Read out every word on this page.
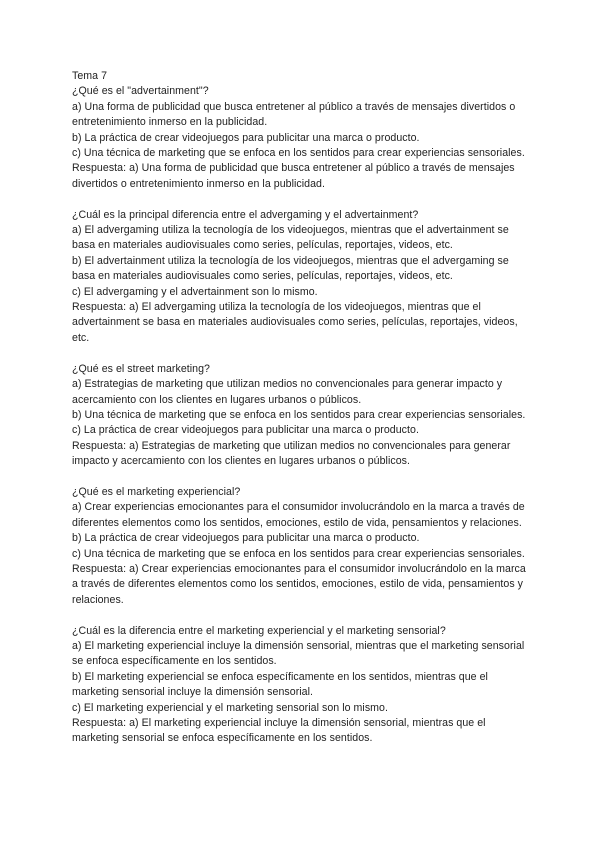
Tema 7

¿Qué es el "advertainment"?

a) Una forma de publicidad que busca entretener al público a través de mensajes divertidos o entretenimiento inmerso en la publicidad.

b) La práctica de crear videojuegos para publicitar una marca o producto.

c) Una técnica de marketing que se enfoca en los sentidos para crear experiencias sensoriales.

Respuesta: a) Una forma de publicidad que busca entretener al público a través de mensajes divertidos o entretenimiento inmerso en la publicidad.

¿Cuál es la principal diferencia entre el advergaming y el advertainment?

a) El advergaming utiliza la tecnología de los videojuegos, mientras que el advertainment se basa en materiales audiovisuales como series, películas, reportajes, videos, etc.

b) El advertainment utiliza la tecnología de los videojuegos, mientras que el advergaming se basa en materiales audiovisuales como series, películas, reportajes, videos, etc.

c) El advergaming y el advertainment son lo mismo.

Respuesta: a) El advergaming utiliza la tecnología de los videojuegos, mientras que el advertainment se basa en materiales audiovisuales como series, películas, reportajes, videos, etc.

¿Qué es el street marketing?

a) Estrategias de marketing que utilizan medios no convencionales para generar impacto y acercamiento con los clientes en lugares urbanos o públicos.

b) Una técnica de marketing que se enfoca en los sentidos para crear experiencias sensoriales.

c) La práctica de crear videojuegos para publicitar una marca o producto.

Respuesta: a) Estrategias de marketing que utilizan medios no convencionales para generar impacto y acercamiento con los clientes en lugares urbanos o públicos.

¿Qué es el marketing experiencial?

a) Crear experiencias emocionantes para el consumidor involucrándolo en la marca a través de diferentes elementos como los sentidos, emociones, estilo de vida, pensamientos y relaciones.

b) La práctica de crear videojuegos para publicitar una marca o producto.

c) Una técnica de marketing que se enfoca en los sentidos para crear experiencias sensoriales.

Respuesta: a) Crear experiencias emocionantes para el consumidor involucrándolo en la marca a través de diferentes elementos como los sentidos, emociones, estilo de vida, pensamientos y relaciones.

¿Cuál es la diferencia entre el marketing experiencial y el marketing sensorial?

a) El marketing experiencial incluye la dimensión sensorial, mientras que el marketing sensorial se enfoca específicamente en los sentidos.

b) El marketing experiencial se enfoca específicamente en los sentidos, mientras que el marketing sensorial incluye la dimensión sensorial.

c) El marketing experiencial y el marketing sensorial son lo mismo.

Respuesta: a) El marketing experiencial incluye la dimensión sensorial, mientras que el marketing sensorial se enfoca específicamente en los sentidos.
